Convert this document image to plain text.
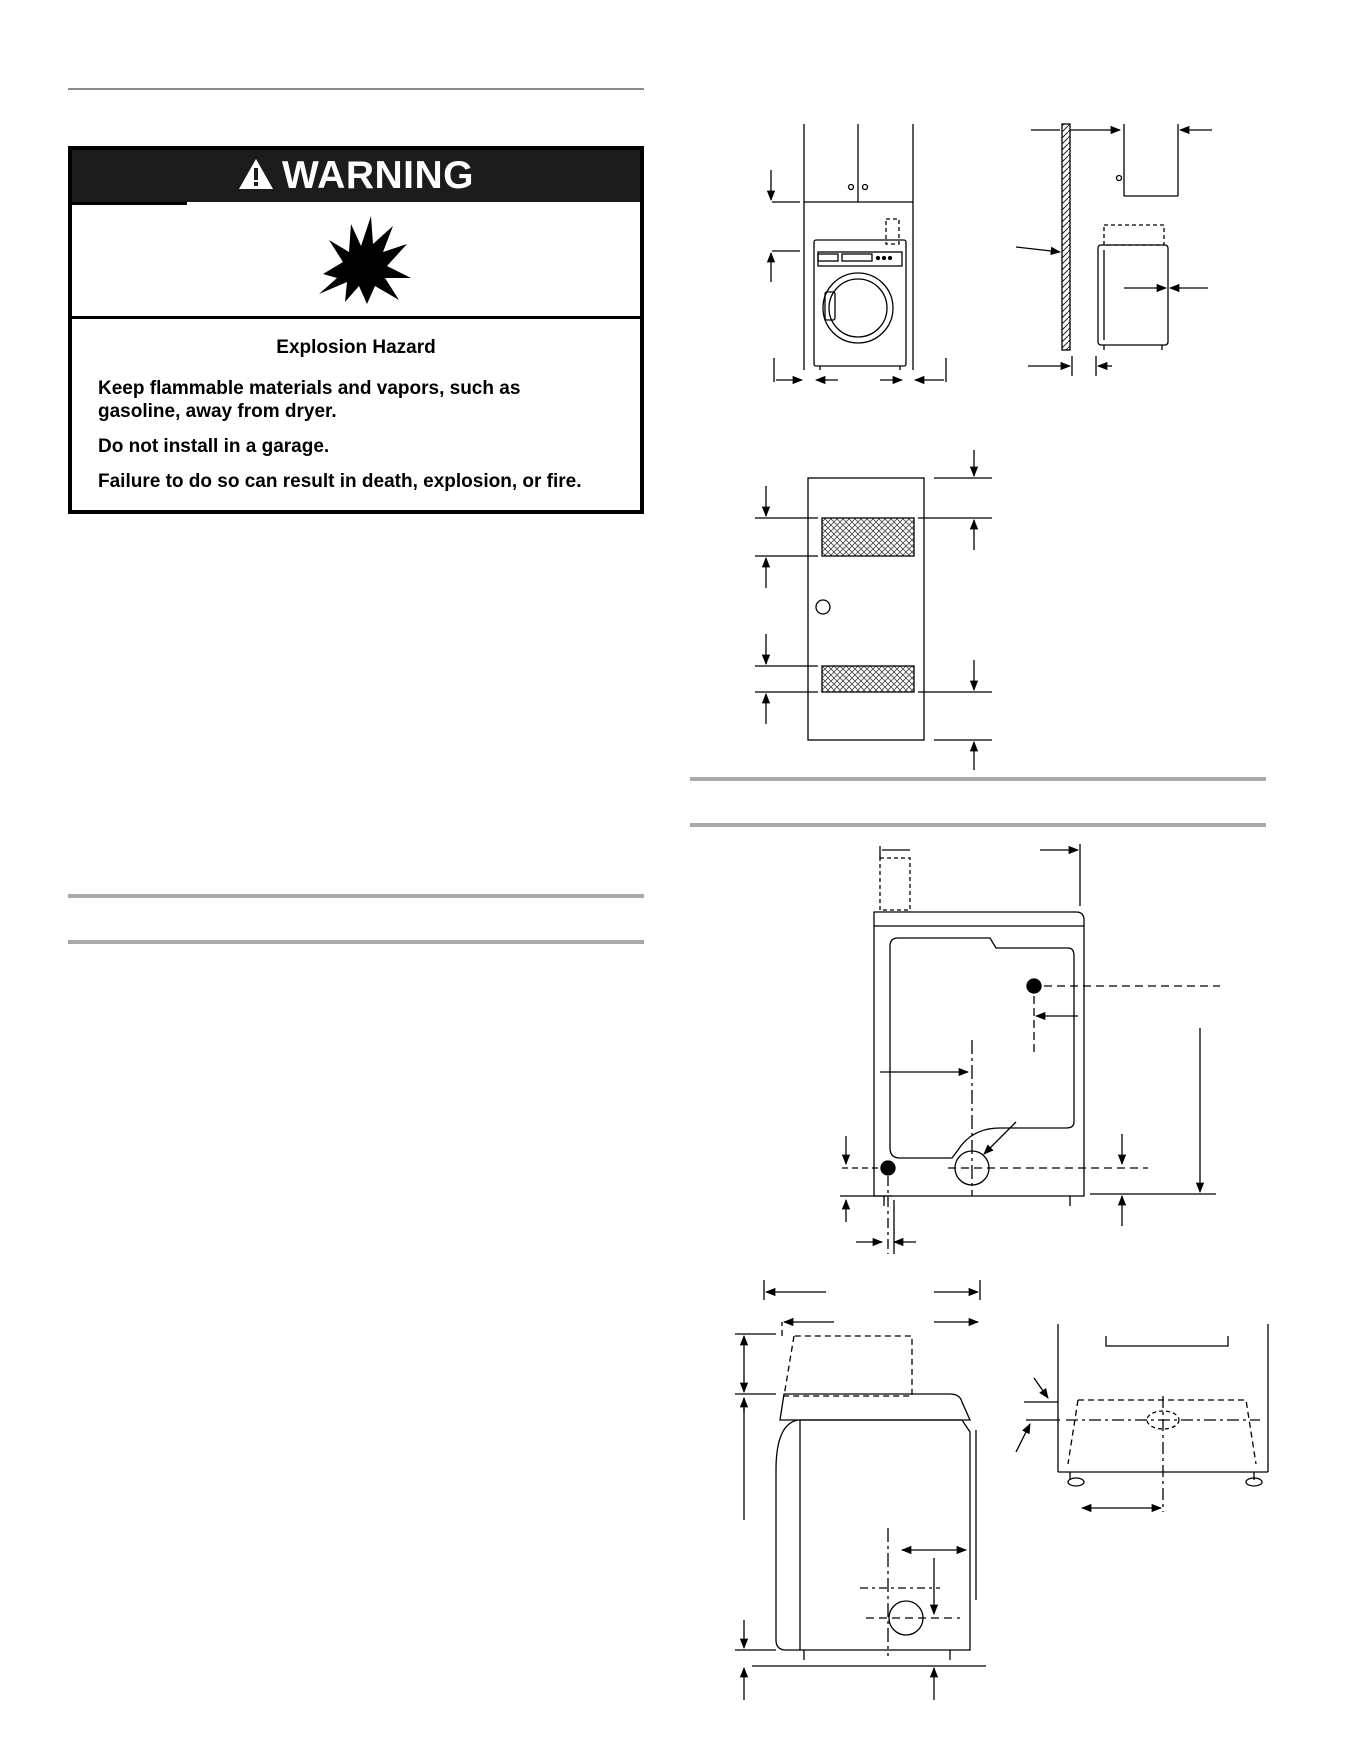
WARNING

Explosion Hazard

Keep flammable materials and vapors, such as gasoline, away from dryer.

Do not install in a garage.

Failure to do so can result in death, explosion, or fire.
